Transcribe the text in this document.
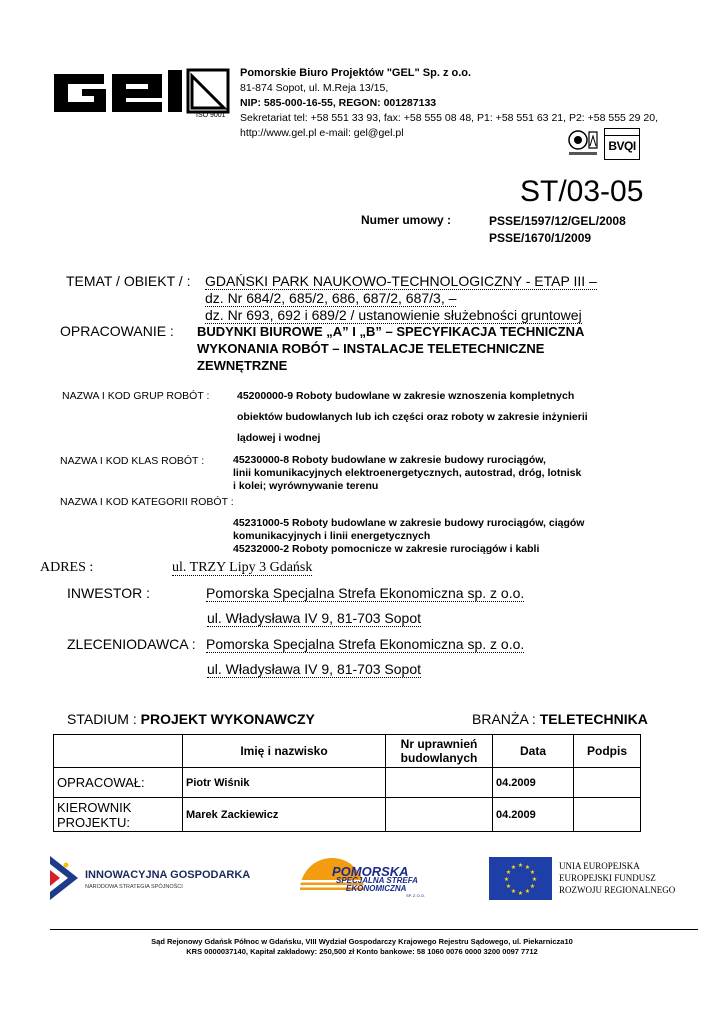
ISO 9001
Pomorskie Biuro Projektów "GEL" Sp. z o.o.
81-874 Sopot, ul. M.Reja 13/15,
NIP: 585-000-16-55, REGON: 001287133
Sekretariat tel: +58 551 33 93, fax: +58 555 08 48, P1: +58 551 63 21, P2: +58 555 29 20,
http://www.gel.pl e-mail: gel@gel.pl
BVQI
ST/03-05
Numer umowy :	PSSE/1597/12/GEL/2008
PSSE/1670/1/2009
TEMAT / OBIEKT / : GDAŃSKI PARK NAUKOWO-TECHNOLOGICZNY - ETAP III –
dz. Nr 684/2, 685/2, 686, 687/2, 687/3, –
dz. Nr 693, 692 i 689/2 / ustanowienie służebności gruntowej
OPRACOWANIE : BUDYNKI BIUROWE „A” I „B” – SPECYFIKACJA TECHNICZNA
WYKONANIA ROBÓT – INSTALACJE TELETECHNICZNE
ZEWNĘTRZNE
NAZWA I KOD GRUP ROBÓT :	45200000-9 Roboty budowlane w zakresie wznoszenia kompletnych
obiektów budowlanych lub ich części oraz roboty w zakresie inżynierii
lądowej i wodnej
NAZWA I KOD KLAS ROBÓT :	45230000-8 Roboty budowlane w zakresie budowy rurociągów,
linii komunikacyjnych elektroenergetycznych, autostrad, dróg, lotnisk
i kolei; wyrównywanie terenu
NAZWA I KOD KATEGORII ROBÓT :
45231000-5 Roboty budowlane w zakresie budowy rurociągów, ciągów
komunikacyjnych i linii energetycznych
45232000-2 Roboty pomocnicze w zakresie rurociągów i kabli
ADRES :	ul. TRZY Lipy 3 Gdańsk
INWESTOR :	Pomorska Specjalna Strefa Ekonomiczna sp. z o.o.
ul. Władysława IV 9, 81-703 Sopot
ZLECENIODAWCA : Pomorska Specjalna Strefa Ekonomiczna sp. z o.o.
ul. Władysława IV 9, 81-703 Sopot
STADIUM : PROJEKT WYKONAWCZY	BRANŻA : TELETECHNIKA
	Imię i nazwisko	Nr uprawnień budowlanych	Data	Podpis
OPRACOWAŁ:	Piotr Wiśnik		04.2009	
KIEROWNIK PROJEKTU:	Marek Zackiewicz		04.2009	
INNOWACYJNA GOSPODARKA
NARODOWA STRATEGIA SPÓJNOŚCI
POMORSKA
SPECJALNA STREFA
EKONOMICZNA
SP. Z O.O.
★ ★
★
★
★
★
★
★
★
★
★
★	UNIA EUROPEJSKA
EUROPEJSKI FUNDUSZ
ROZWOJU REGIONALNEGO
Sąd Rejonowy Gdańsk Północ w Gdańsku, VIII Wydział Gospodarczy Krajowego Rejestru Sądowego, ul. Piekarnicza10
KRS 0000037140, Kapitał zakładowy: 250,500 zł Konto bankowe: 58 1060 0076 0000 3200 0097 7712
